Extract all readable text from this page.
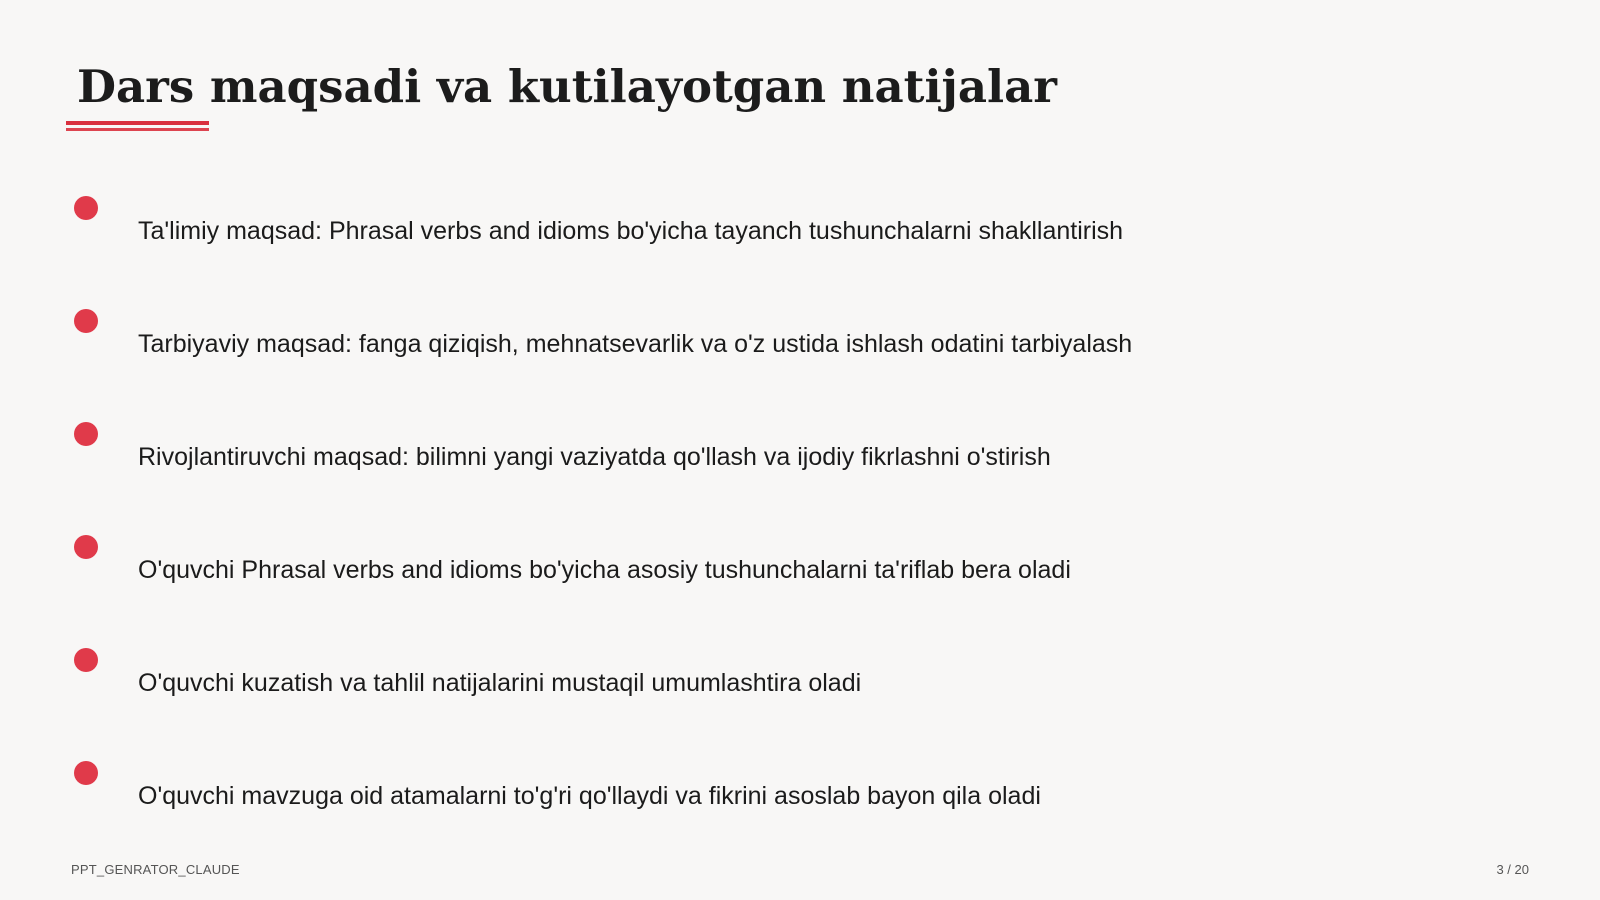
Dars maqsadi va kutilayotgan natijalar
Ta'limiy maqsad: Phrasal verbs and idioms bo'yicha tayanch tushunchalarni shakllantirish
Tarbiyaviy maqsad: fanga qiziqish, mehnatsevarlik va o'z ustida ishlash odatini tarbiyalash
Rivojlantiruvchi maqsad: bilimni yangi vaziyatda qo'llash va ijodiy fikrlashni o'stirish
O'quvchi Phrasal verbs and idioms bo'yicha asosiy tushunchalarni ta'riflab bera oladi
O'quvchi kuzatish va tahlil natijalarini mustaqil umumlashtira oladi
O'quvchi mavzuga oid atamalarni to'g'ri qo'llaydi va fikrini asoslab bayon qila oladi
PPT_GENRATOR_CLAUDE	3 / 20
